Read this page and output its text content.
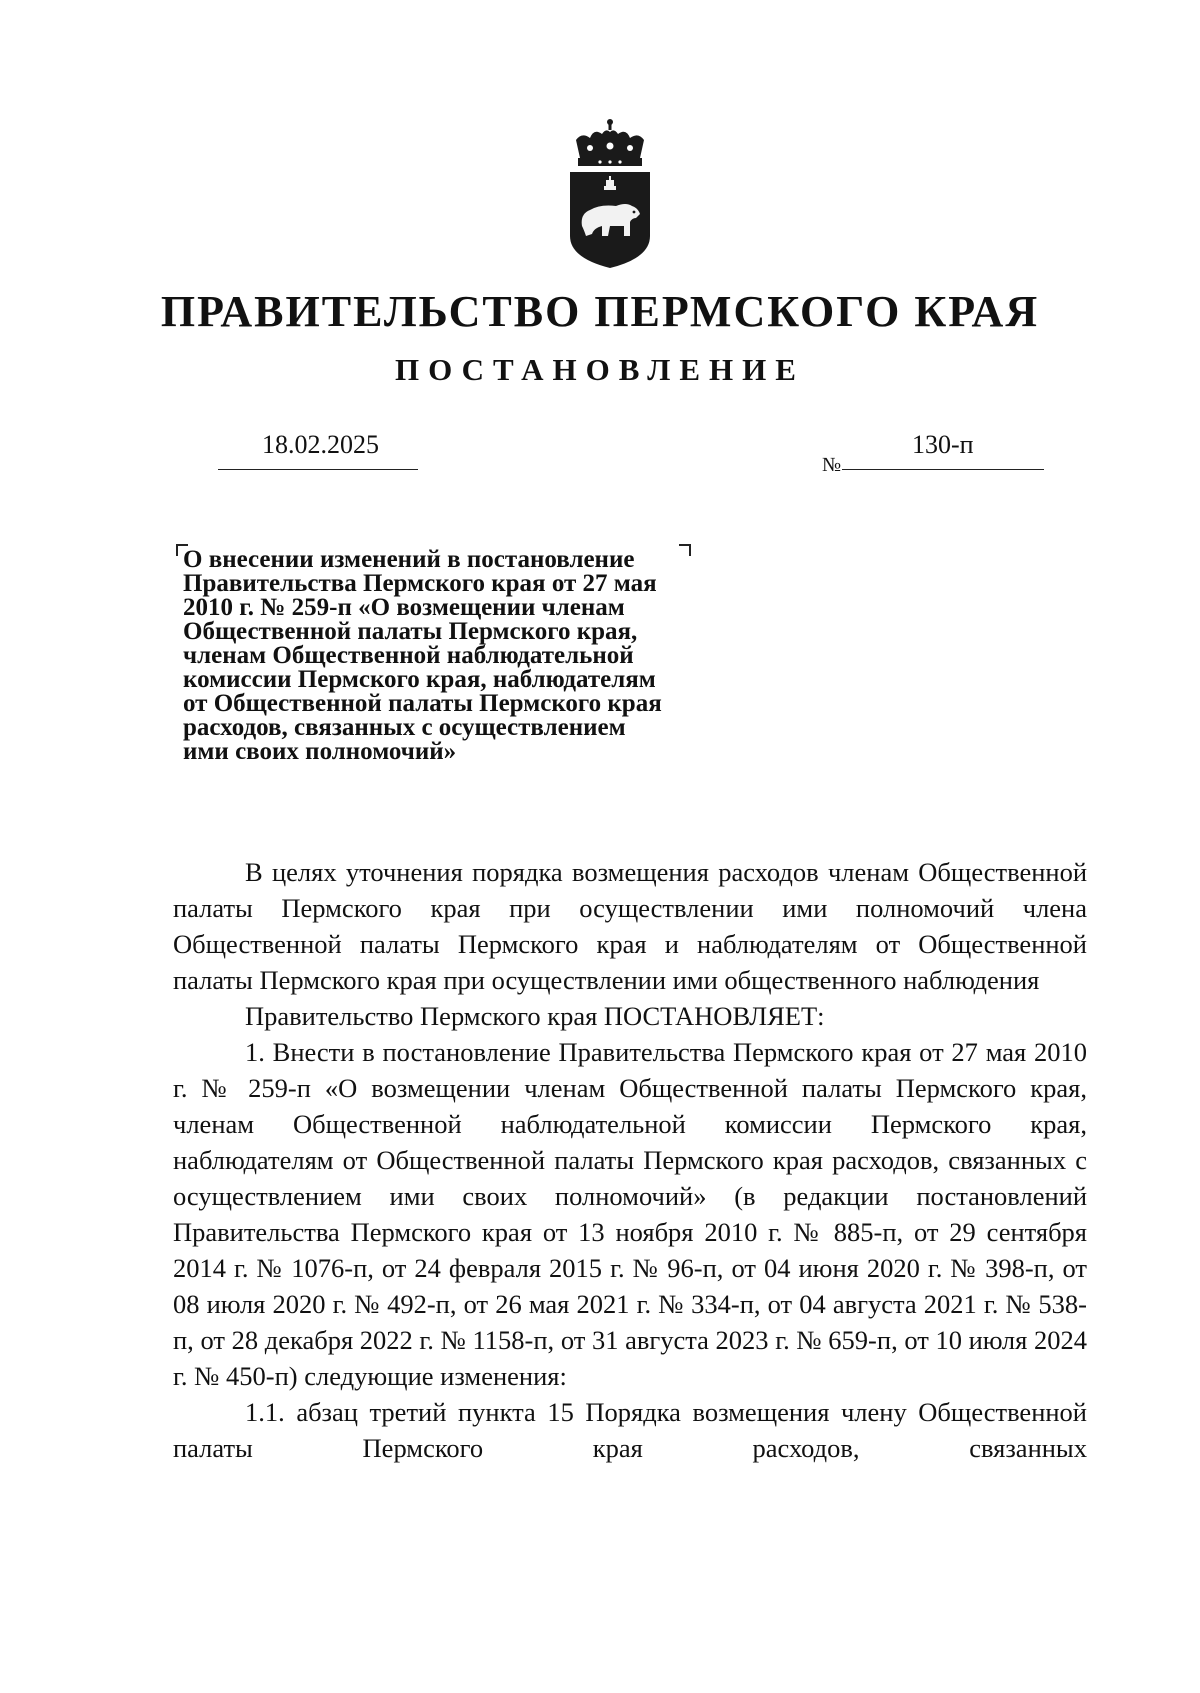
ПРАВИТЕЛЬСТВО ПЕРМСКОГО КРАЯ
ПОСТАНОВЛЕНИЕ
18.02.2025
№
130-п
О внесении изменений в постановление
Правительства Пермского края от 27 мая
2010 г. № 259-п «О возмещении членам
Общественной палаты Пермского края,
членам Общественной наблюдательной
комиссии Пермского края, наблюдателям
от Общественной палаты Пермского края
расходов, связанных с осуществлением
ими своих полномочий»

В целях уточнения порядка возмещения расходов членам Общественной палаты Пермского края при осуществлении ими полномочий члена Общественной палаты Пермского края и наблюдателям от Общественной палаты Пермского края при осуществлении ими общественного наблюдения

Правительство Пермского края ПОСТАНОВЛЯЕТ:

1. Внести в постановление Правительства Пермского края от 27 мая 2010 г. № 259-п «О возмещении членам Общественной палаты Пермского края, членам Общественной наблюдательной комиссии Пермского края, наблюдателям от Общественной палаты Пермского края расходов, связанных с осуществлением ими своих полномочий» (в редакции постановлений Правительства Пермского края от 13 ноября 2010 г. № 885-п, от 29 сентября 2014 г. № 1076-п, от 24 февраля 2015 г. № 96-п, от 04 июня 2020 г. № 398-п, от 08 июля 2020 г. № 492-п, от 26 мая 2021 г. № 334-п, от 04 августа 2021 г. № 538-п, от 28 декабря 2022 г. № 1158-п, от 31 августа 2023 г. № 659-п, от 10 июля 2024 г. № 450-п) следующие изменения:

1.1. абзац третий пункта 15 Порядка возмещения члену Общественной палаты Пермского края расходов, связанных
